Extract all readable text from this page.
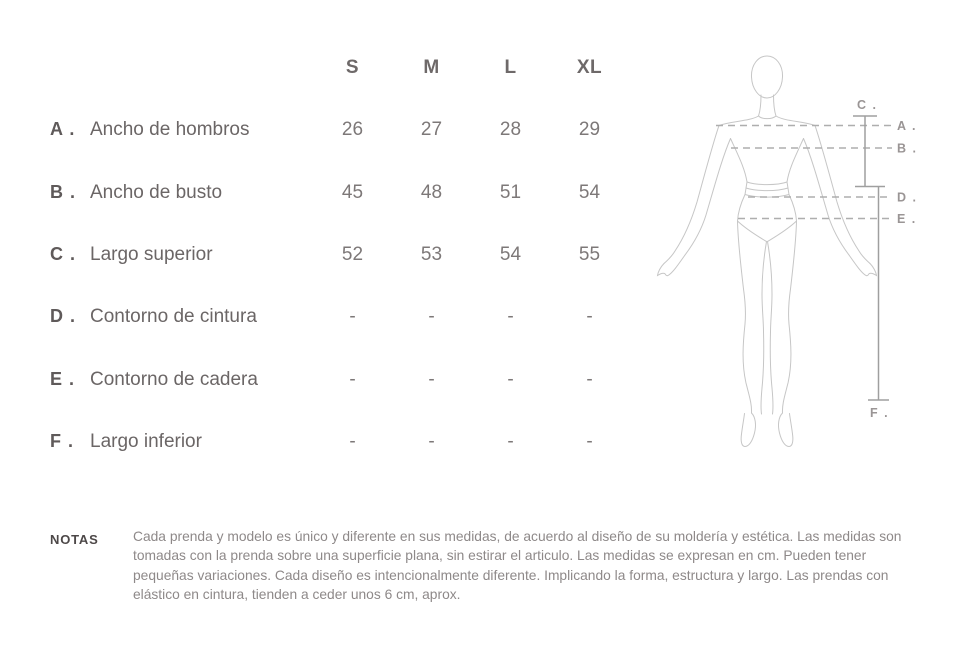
S	M	L	XL
A . Ancho de hombros	26	27	28	29
B . Ancho de busto	45	48	51	54
C . Largo superior	52	53	54	55
D . Contorno de cintura	-	-	-	-
E . Contorno de cadera	-	-	-	-
F . Largo inferior	-	-	-	-
NOTAS Cada prenda y modelo es único y diferente en sus medidas, de acuerdo al diseño de su moldería y estética. Las medidas son tomadas con la prenda sobre una superficie plana, sin estirar el articulo. Las medidas se expresan en cm. Pueden tener pequeñas variaciones. Cada diseño es intencionalmente diferente. Implicando la forma, estructura y largo. Las prendas con elástico en cintura, tienden a ceder unos 6 cm, aprox.
C .
A .
B .
D .
E .
F .
